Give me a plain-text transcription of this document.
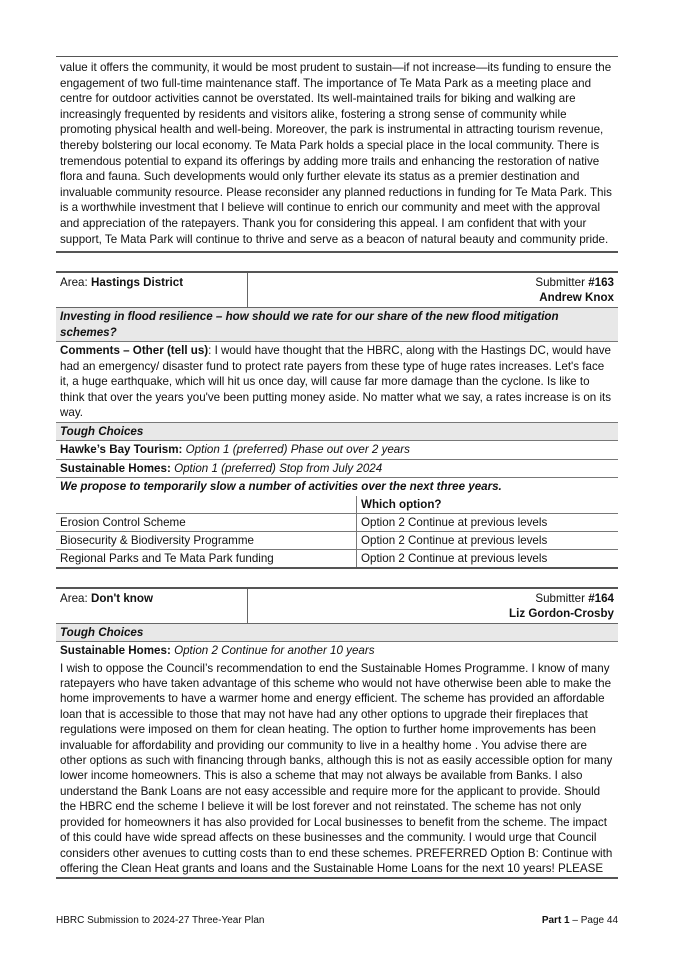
value it offers the community, it would be most prudent to sustain—if not increase—its funding to ensure the engagement of two full-time maintenance staff. The importance of Te Mata Park as a meeting place and centre for outdoor activities cannot be overstated. Its well-maintained trails for biking and walking are increasingly frequented by residents and visitors alike, fostering a strong sense of community while promoting physical health and well-being. Moreover, the park is instrumental in attracting tourism revenue, thereby bolstering our local economy. Te Mata Park holds a special place in the local community. There is tremendous potential to expand its offerings by adding more trails and enhancing the restoration of native flora and fauna. Such developments would only further elevate its status as a premier destination and invaluable community resource. Please reconsider any planned reductions in funding for Te Mata Park. This is a worthwhile investment that I believe will continue to enrich our community and meet with the approval and appreciation of the ratepayers. Thank you for considering this appeal. I am confident that with your support, Te Mata Park will continue to thrive and serve as a beacon of natural beauty and community pride.
Area: Hastings District	Submitter #163
Andrew Knox
Investing in flood resilience – how should we rate for our share of the new flood mitigation schemes?
Comments – Other (tell us): I would have thought that the HBRC, along with the Hastings DC, would have had an emergency/ disaster fund to protect rate payers from these type of huge rates increases. Let's face it, a huge earthquake, which will hit us once day, will cause far more damage than the cyclone. Is like to think that over the years you've been putting money aside. No matter what we say, a rates increase is on its way.
Tough Choices
Hawke’s Bay Tourism: Option 1 (preferred) Phase out over 2 years
Sustainable Homes: Option 1 (preferred) Stop from July 2024
We propose to temporarily slow a number of activities over the next three years.
	Which option?
Erosion Control Scheme	Option 2 Continue at previous levels
Biosecurity & Biodiversity Programme	Option 2 Continue at previous levels
Regional Parks and Te Mata Park funding	Option 2 Continue at previous levels
Area: Don't know	Submitter #164
Liz Gordon-Crosby
Tough Choices
Sustainable Homes: Option 2 Continue for another 10 years
I wish to oppose the Council’s recommendation to end the Sustainable Homes Programme. I know of many ratepayers who have taken advantage of this scheme who would not have otherwise been able to make the home improvements to have a warmer home and energy efficient. The scheme has provided an affordable loan that is accessible to those that may not have had any other options to upgrade their fireplaces that regulations were imposed on them for clean heating. The option to further home improvements has been invaluable for affordability and providing our community to live in a healthy home . You advise there are other options as such with financing through banks, although this is not as easily accessible option for many lower income homeowners. This is also a scheme that may not always be available from Banks. I also understand the Bank Loans are not easy accessible and require more for the applicant to provide. Should the HBRC end the scheme I believe it will be lost forever and not reinstated. The scheme has not only provided for homeowners it has also provided for Local businesses to benefit from the scheme. The impact of this could have wide spread affects on these businesses and the community. I would urge that Council considers other avenues to cutting costs than to end these schemes. PREFERRED Option B: Continue with offering the Clean Heat grants and loans and the Sustainable Home Loans for the next 10 years! PLEASE
HBRC Submission to 2024-27 Three-Year Plan	Part 1 – Page 44
